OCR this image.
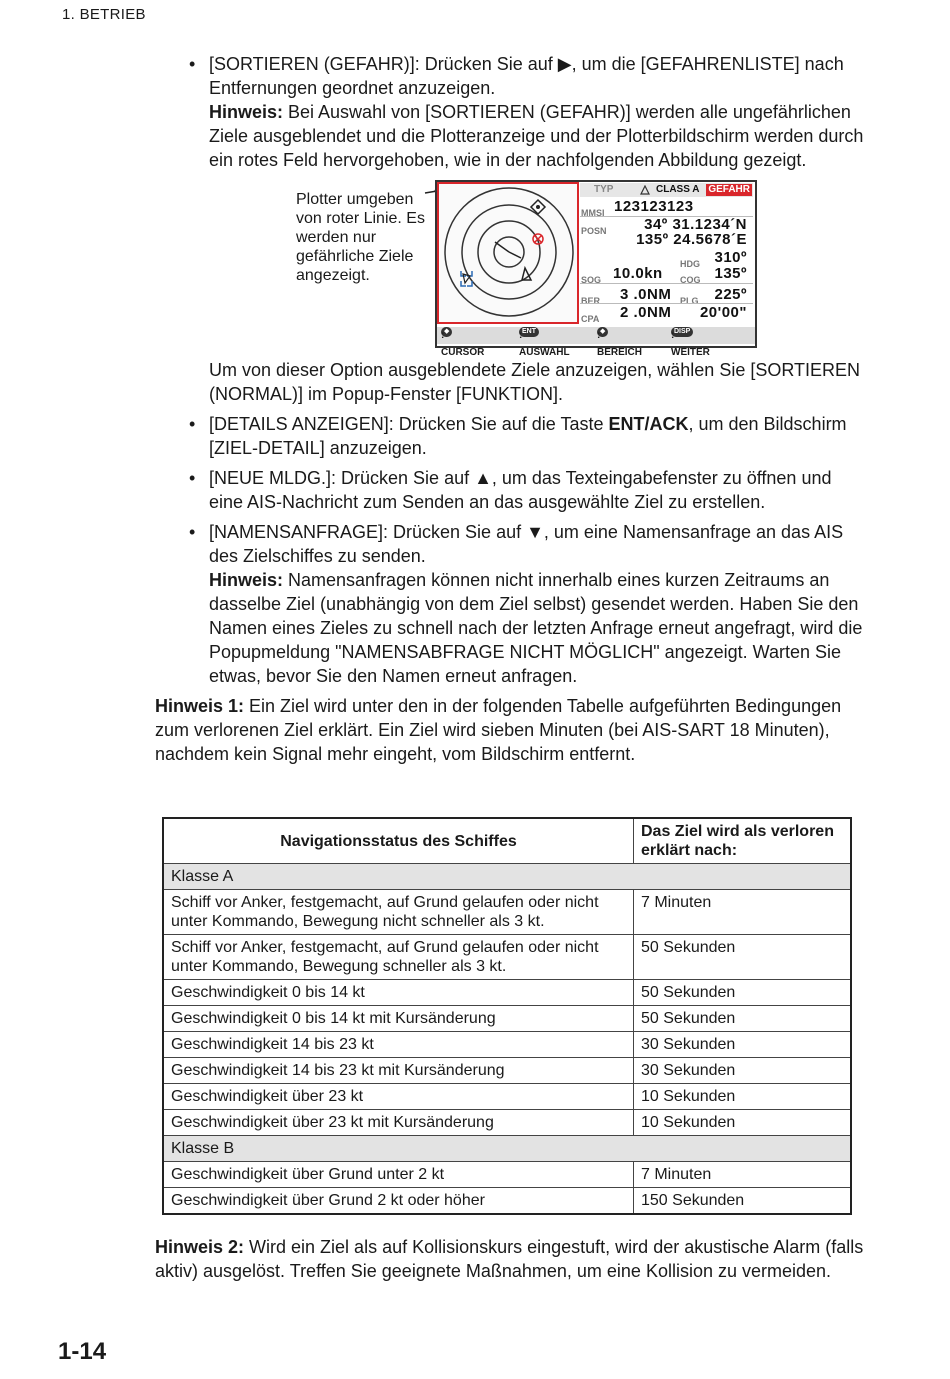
1. BETRIEB
• [SORTIEREN (GEFAHR)]: Drücken Sie auf ▶, um die [GEFAHRENLISTE] nach Entfernungen geordnet anzuzeigen.
Hinweis: Bei Auswahl von [SORTIEREN (GEFAHR)] werden alle ungefährlichen Ziele ausgeblendet und die Plotteranzeige und der Plotterbildschirm werden durch ein rotes Feld hervorgehoben, wie in der nachfolgenden Abbildung gezeigt.
Plotter umgeben von roter Linie. Es werden nur gefährliche Ziele angezeigt.
TYP	CLASS A GEFAHR
MMSI 123123123
POSN	34º 31.1234´N
135º 24.5678´E
HDG 310º
SOG 10.0kn COG 135º
BER 3 .0NM PLG 225º
CPA 2 .0NM 20'00"
◆
: CURSOR
ENT
: AUSWAHL
◆
: BEREICH
DISP
: WEITER
Um von dieser Option ausgeblendete Ziele anzuzeigen, wählen Sie [SORTIEREN (NORMAL)] im Popup-Fenster [FUNKTION].
• [DETAILS ANZEIGEN]: Drücken Sie auf die Taste ENT/ACK, um den Bildschirm [ZIEL-DETAIL] anzuzeigen.
• [NEUE MLDG.]: Drücken Sie auf ▲, um das Texteingabefenster zu öffnen und eine AIS-Nachricht zum Senden an das ausgewählte Ziel zu erstellen.
• [NAMENSANFRAGE]: Drücken Sie auf ▼, um eine Namensanfrage an das AIS des Zielschiffes zu senden.
Hinweis: Namensanfragen können nicht innerhalb eines kurzen Zeitraums an dasselbe Ziel (unabhängig von dem Ziel selbst) gesendet werden. Haben Sie den Namen eines Zieles zu schnell nach der letzten Anfrage erneut angefragt, wird die Popupmeldung "NAMENSABFRAGE NICHT MÖGLICH" angezeigt. Warten Sie etwas, bevor Sie den Namen erneut anfragen.

Hinweis 1: Ein Ziel wird unter den in der folgenden Tabelle aufgeführten Bedingungen zum verlorenen Ziel erklärt. Ein Ziel wird sieben Minuten (bei AIS-SART 18 Minuten), nachdem kein Signal mehr eingeht, vom Bildschirm entfernt.

Navigationsstatus des Schiffes	Das Ziel wird als verloren erklärt nach:
Klasse A	
Schiff vor Anker, festgemacht, auf Grund gelaufen oder nicht unter Kommando, Bewegung nicht schneller als 3 kt.	7 Minuten
Schiff vor Anker, festgemacht, auf Grund gelaufen oder nicht unter Kommando, Bewegung schneller als 3 kt.	50 Sekunden
Geschwindigkeit 0 bis 14 kt	50 Sekunden
Geschwindigkeit 0 bis 14 kt mit Kursänderung	50 Sekunden
Geschwindigkeit 14 bis 23 kt	30 Sekunden
Geschwindigkeit 14 bis 23 kt mit Kursänderung	30 Sekunden
Geschwindigkeit über 23 kt	10 Sekunden
Geschwindigkeit über 23 kt mit Kursänderung	10 Sekunden
Klasse B	
Geschwindigkeit über Grund unter 2 kt	7 Minuten
Geschwindigkeit über Grund 2 kt oder höher	150 Sekunden
Hinweis 2: Wird ein Ziel als auf Kollisionskurs eingestuft, wird der akustische Alarm (falls aktiv) ausgelöst. Treffen Sie geeignete Maßnahmen, um eine Kollision zu vermeiden.
1-14
